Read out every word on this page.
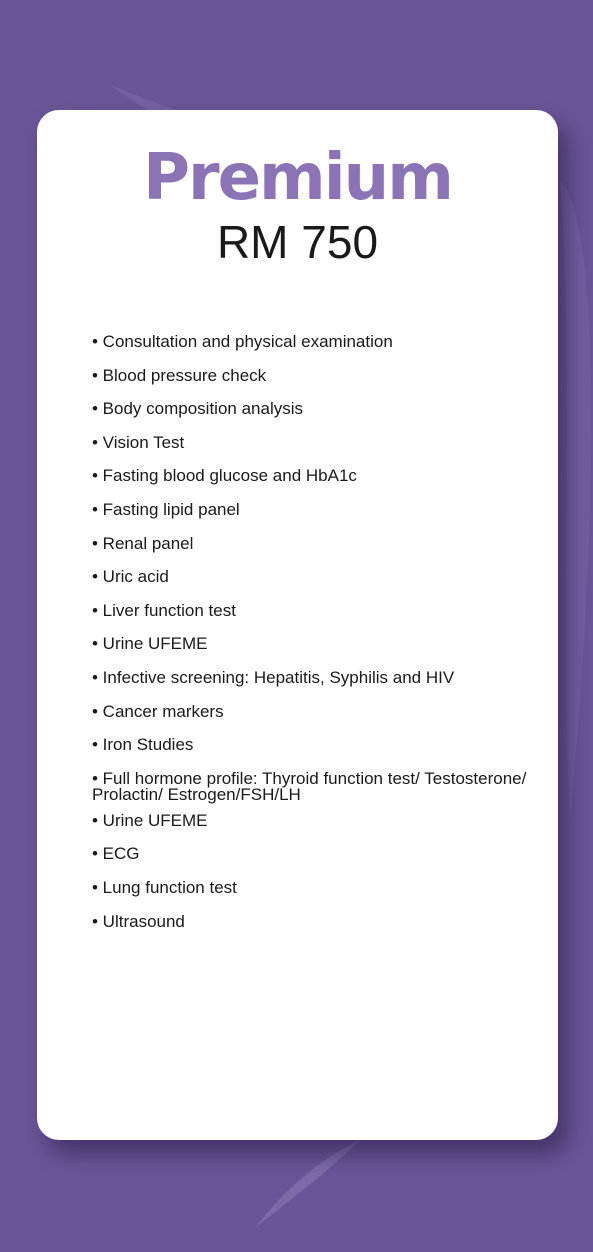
Premium
RM 750
• Consultation and physical examination
• Blood pressure check
• Body composition analysis
• Vision Test
• Fasting blood glucose and HbA1c
• Fasting lipid panel
• Renal panel
• Uric acid
• Liver function test
• Urine UFEME
• Infective screening: Hepatitis, Syphilis and HIV
• Cancer markers
• Iron Studies
• Full hormone profile: Thyroid function test/ Testosterone/ Prolactin/ Estrogen/FSH/LH
• Urine UFEME
• ECG
• Lung function test
• Ultrasound
